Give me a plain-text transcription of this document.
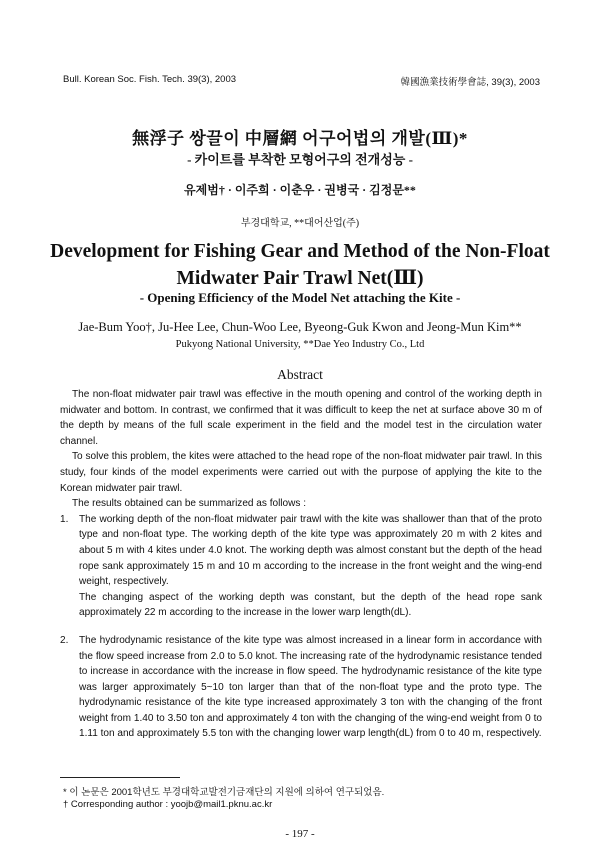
Bull. Korean Soc. Fish. Tech. 39(3), 2003	韓國漁業技術學會誌, 39(3), 2003
無浮子 쌍끌이 中層網 어구어법의 개발(Ⅲ)*
- 카이트를 부착한 모형어구의 전개성능 -
유제범† · 이주희 · 이춘우 · 권병국 · 김정문**
부경대학교, **대어산업(주)
Development for Fishing Gear and Method of the Non-Float
Midwater Pair Trawl Net(Ⅲ)
- Opening Efficiency of the Model Net attaching the Kite -
Jae-Bum Yoo†, Ju-Hee Lee, Chun-Woo Lee, Byeong-Guk Kwon and Jeong-Mun Kim**
Pukyong National University, **Dae Yeo Industry Co., Ltd
Abstract

The non-float midwater pair trawl was effective in the mouth opening and control of the working depth in midwater and bottom. In contrast, we confirmed that it was difficult to keep the net at surface above 30 m of the depth by means of the full scale experiment in the field and the model test in the circulation water channel.

To solve this problem, the kites were attached to the head rope of the non-float midwater pair trawl. In this study, four kinds of the model experiments were carried out with the purpose of applying the kite to the Korean midwater pair trawl.

The results obtained can be summarized as follows :

1. The working depth of the non-float midwater pair trawl with the kite was shallower than that of the proto type and non-float type. The working depth of the kite type was approximately 20 m with 2 kites and about 5 m with 4 kites under 4.0 knot. The working depth was almost constant but the depth of the head rope sank approximately 15 m and 10 m according to the increase in the front weight and the wing-end weight, respectively.

The changing aspect of the working depth was constant, but the depth of the head rope sank approximately 22 m according to the increase in the lower warp length(dL).

2. The hydrodynamic resistance of the kite type was almost increased in a linear form in accordance with the flow speed increase from 2.0 to 5.0 knot. The increasing rate of the hydrodynamic resistance tended to increase in accordance with the increase in flow speed. The hydrodynamic resistance of the kite type was larger approximately 5~10 ton larger than that of the non-float type and the proto type. The hydrodynamic resistance of the kite type increased approximately 3 ton with the changing of the front weight from 1.40 to 3.50 ton and approximately 4 ton with the changing of the wing-end weight from 0 to 1.11 ton and approximately 5.5 ton with the changing lower warp length(dL) from 0 to 40 m, respectively.

* 이 논문은 2001학년도 부경대학교발전기금재단의 지원에 의하여 연구되었음.
† Corresponding author : yoojb@mail1.pknu.ac.kr
- 197 -
